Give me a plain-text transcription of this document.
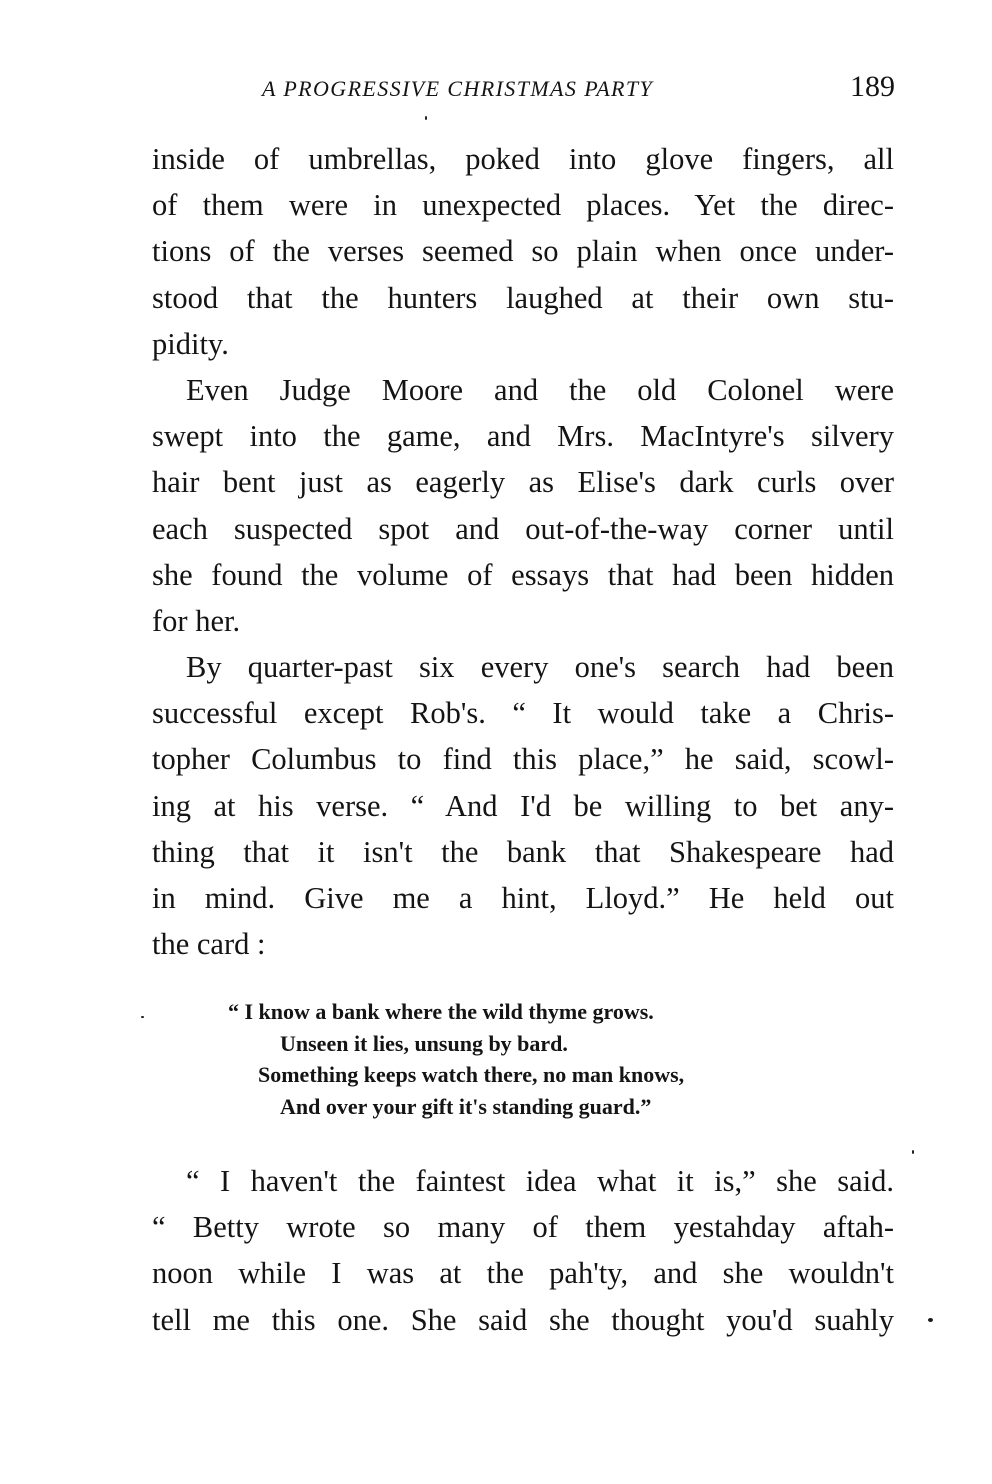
A PROGRESSIVE CHRISTMAS PARTY	189
inside of umbrellas, poked into glove fingers, all
of them were in unexpected places. Yet the direc-
tions of the verses seemed so plain when once under-
stood that the hunters laughed at their own stu-
pidity.
Even Judge Moore and the old Colonel were
swept into the game, and Mrs. MacIntyre's silvery
hair bent just as eagerly as Elise's dark curls over
each suspected spot and out-of-the-way corner until
she found the volume of essays that had been hidden
for her.
By quarter-past six every one's search had been
successful except Rob's. “ It would take a Chris-
topher Columbus to find this place,” he said, scowl-
ing at his verse. “ And I'd be willing to bet any-
thing that it isn't the bank that Shakespeare had
in mind. Give me a hint, Lloyd.” He held out
the card :
“ I know a bank where the wild thyme grows.
Unseen it lies, unsung by bard.
Something keeps watch there, no man knows,
And over your gift it's standing guard.”
“ I haven't the faintest idea what it is,” she said.
“ Betty wrote so many of them yestahday aftah-
noon while I was at the pah'ty, and she wouldn't
tell me this one. She said she thought you'd suahly
